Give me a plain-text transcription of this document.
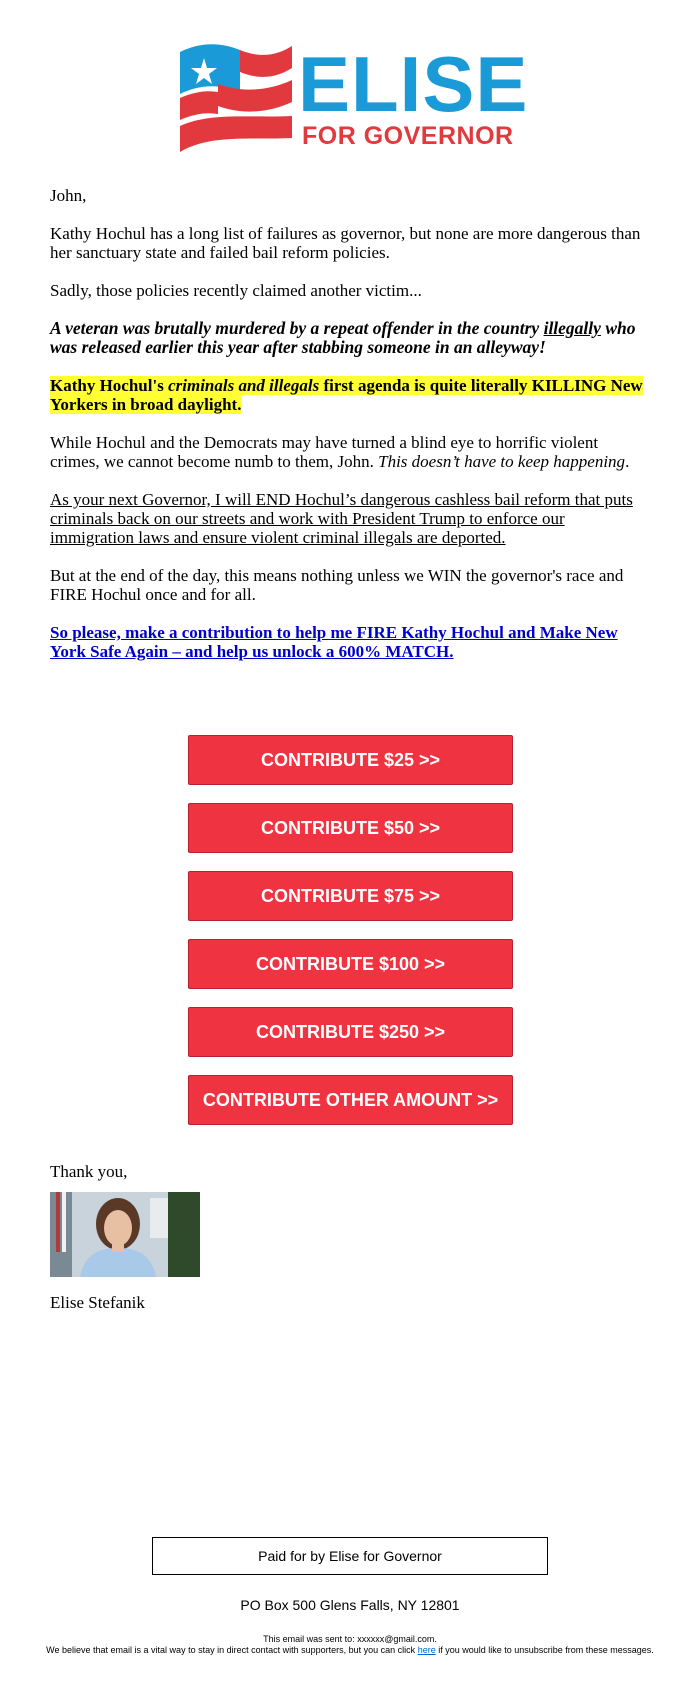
ELISE
FOR GOVERNOR

John,

Kathy Hochul has a long list of failures as governor, but none are more dangerous than her sanctuary state and failed bail reform policies.

Sadly, those policies recently claimed another victim...

A veteran was brutally murdered by a repeat offender in the country illegally who was released earlier this year after stabbing someone in an alleyway!

Kathy Hochul's criminals and illegals first agenda is quite literally KILLING New Yorkers in broad daylight.

While Hochul and the Democrats may have turned a blind eye to horrific violent crimes, we cannot become numb to them, John. This doesn’t have to keep happening.

As your next Governor, I will END Hochul’s dangerous cashless bail reform that puts criminals back on our streets and work with President Trump to enforce our immigration laws and ensure violent criminal illegals are deported.

But at the end of the day, this means nothing unless we WIN the governor's race and FIRE Hochul once and for all.

So please, make a contribution to help me FIRE Kathy Hochul and Make New York Safe Again – and help us unlock a 600% MATCH.

CONTRIBUTE $25 >>
CONTRIBUTE $50 >>
CONTRIBUTE $75 >>
CONTRIBUTE $100 >>
CONTRIBUTE $250 >>
CONTRIBUTE OTHER AMOUNT >>
Thank you,
Elise Stefanik
Paid for by Elise for Governor
PO Box 500 Glens Falls, NY 12801
This email was sent to: xxxxxx@gmail.com.
We believe that email is a vital way to stay in direct contact with supporters, but you can click here if you would like to unsubscribe from these messages.
